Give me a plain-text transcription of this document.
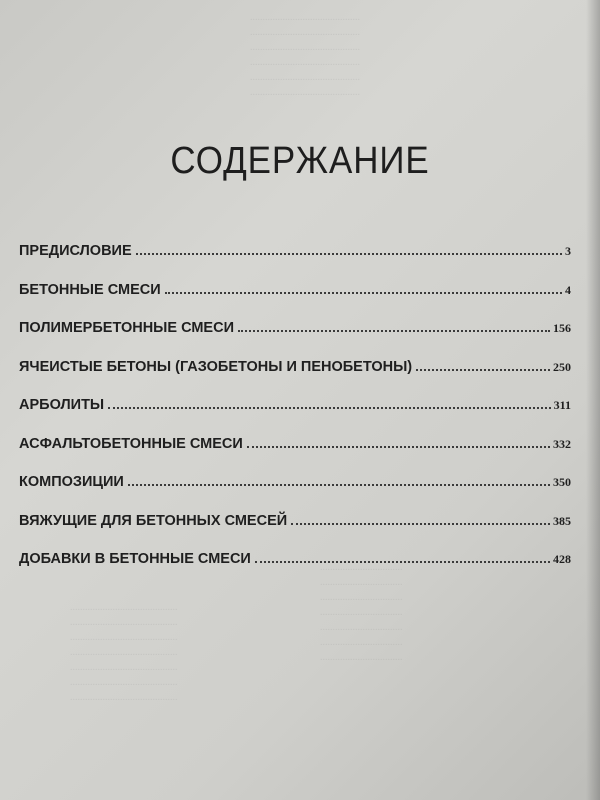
............................................
............................................
............................................
............................................
............................................
............................................
.................................
.................................
.................................
.................................
.................................
.................................
.................................
...........................................
...........................................
...........................................
...........................................
...........................................
...........................................
...........................................
СОДЕРЖАНИЕ
ПРЕДИСЛОВИЕ	3
БЕТОННЫЕ СМЕСИ	4
ПОЛИМЕРБЕТОННЫЕ СМЕСИ	156
ЯЧЕИСТЫЕ БЕТОНЫ (ГАЗОБЕТОНЫ И ПЕНОБЕТОНЫ)	250
АРБОЛИТЫ	311
АСФАЛЬТОБЕТОННЫЕ СМЕСИ	332
КОМПОЗИЦИИ	350
ВЯЖУЩИЕ ДЛЯ БЕТОННЫХ СМЕСЕЙ	385
ДОБАВКИ В БЕТОННЫЕ СМЕСИ	428
